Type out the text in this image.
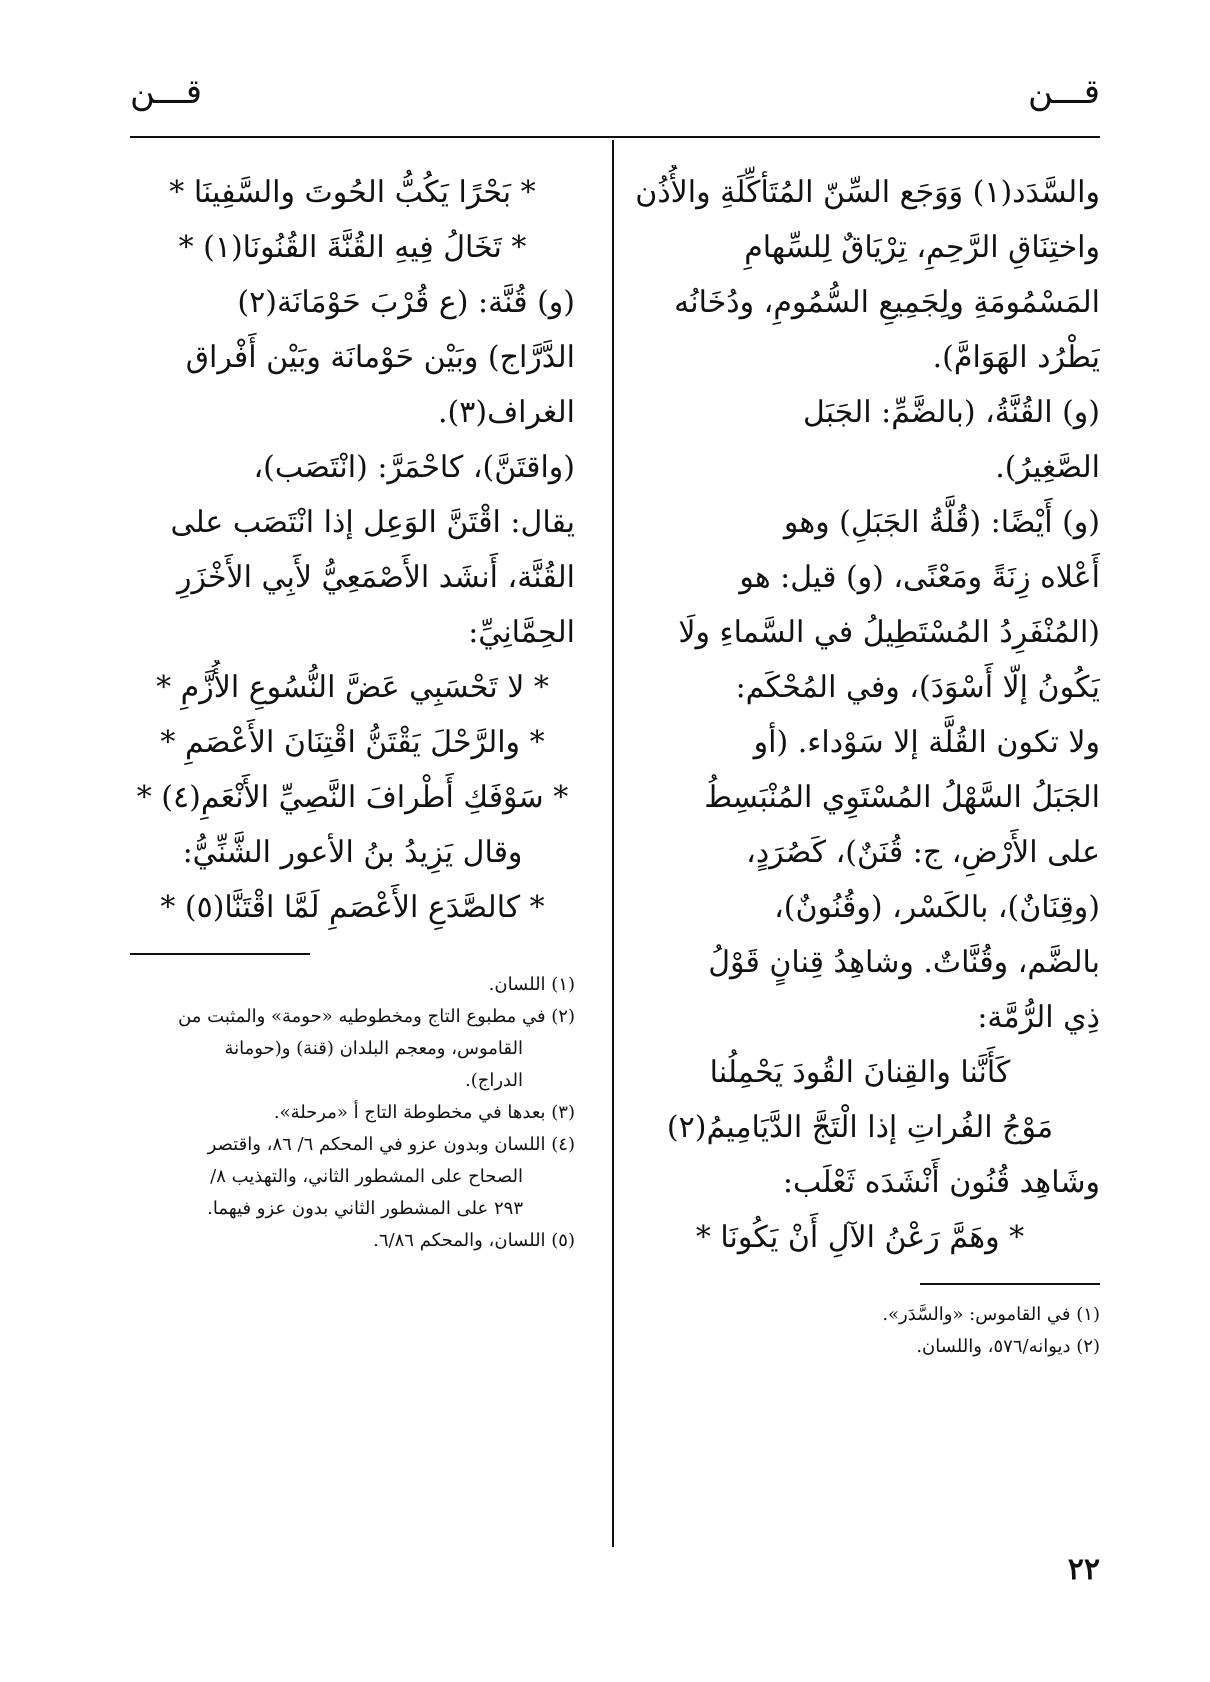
قـــن
قـــن
والسَّدَد(١) وَوَجَع السِّنّ المُتَأكِّلَةِ والأُذُن
واختِنَاقِ الرَّحِمِ، تِرْيَاقٌ لِلسِّهامِ
المَسْمُومَةِ ولِجَمِيعِ السُّمُومِ، ودُخَانُه
يَطْرُد الهَوَامَّ).
(و) القُنَّةُ، (بالضَّمِّ: الجَبَل
الصَّغِيرُ).
(و) أَيْضًا: (قُلَّةُ الجَبَلِ) وهو
أَعْلاه زِنَةً ومَعْنًى، (و) قيل: هو
(المُنْفَرِدُ المُسْتَطِيلُ في السَّماءِ ولَا
يَكُونُ إلّا أَسْوَدَ)، وفي المُحْكَم:
ولا تكون القُلَّة إلا سَوْداء. (أو
الجَبَلُ السَّهْلُ المُسْتَوِي المُنْبَسِطُ
على الأَرْضِ، ج: قُنَنٌ)، كَصُرَدٍ،
(وقِنَانٌ)، بالكَسْر، (وقُنُونٌ)،
بالضَّم، وقُنَّاتٌ. وشاهِدُ قِنانٍ قَوْلُ
ذِي الرُّمَّة:
كَأَنَّنا والقِنانَ القُودَ يَحْمِلُنا
مَوْجُ الفُراتِ إذا الْتَجَّ الدَّيَامِيمُ(٢)
وشَاهِد قُنُون أَنْشَدَه ثَعْلَب:
* وهَمَّ رَعْنُ الآلِ أَنْ يَكُونَا *
(١) في القاموس: «والسَّدَر».
(٢) ديوانه/٥٧٦، واللسان.
* بَحْرًا يَكُبُّ الحُوتَ والسَّفِينَا *
* تَخَالُ فِيهِ القُنَّةَ القُنُونَا(١) *
(و) قُنَّة: (ع قُرْبَ حَوْمَانَة(٢)
الدَّرَّاج) وبَيْن حَوْمانَة وبَيْن أَفْراق
الغراف(٣).
(واقتَنَّ)، كاحْمَرَّ: (انْتَصَب)،
يقال: اقْتَنَّ الوَعِل إذا انْتَصَب على
القُنَّة، أَنشَد الأَصْمَعِيُّ لأَبِي الأَخْزَرِ
الحِمَّانِيِّ:
* لا تَحْسَبِي عَضَّ النُّسُوعِ الأُزَّمِ *
* والرَّحْلَ يَقْتَنُّ اقْتِنَانَ الأَعْصَمِ *
* سَوْفَكِ أَطْرافَ النَّصِيِّ الأَنْعَمِ(٤) *
وقال يَزِيدُ بنُ الأعور الشَّنِّيُّ:
* كالصَّدَعِ الأَعْصَمِ لَمَّا اقْتَنَّا(٥) *
(١) اللسان.
(٢) في مطبوع التاج ومخطوطيه «حومة» والمثبت من
القاموس، ومعجم البلدان (قنة) و(حومانة
الدراج).
(٣) بعدها في مخطوطة التاج أ «مرحلة».
(٤) اللسان وبدون عزو في المحكم ٦/ ٨٦، واقتصر
الصحاح على المشطور الثاني، والتهذيب ٨/
٢٩٣ على المشطور الثاني بدون عزو فيهما.
(٥) اللسان، والمحكم ٦/٨٦.
٢٢
